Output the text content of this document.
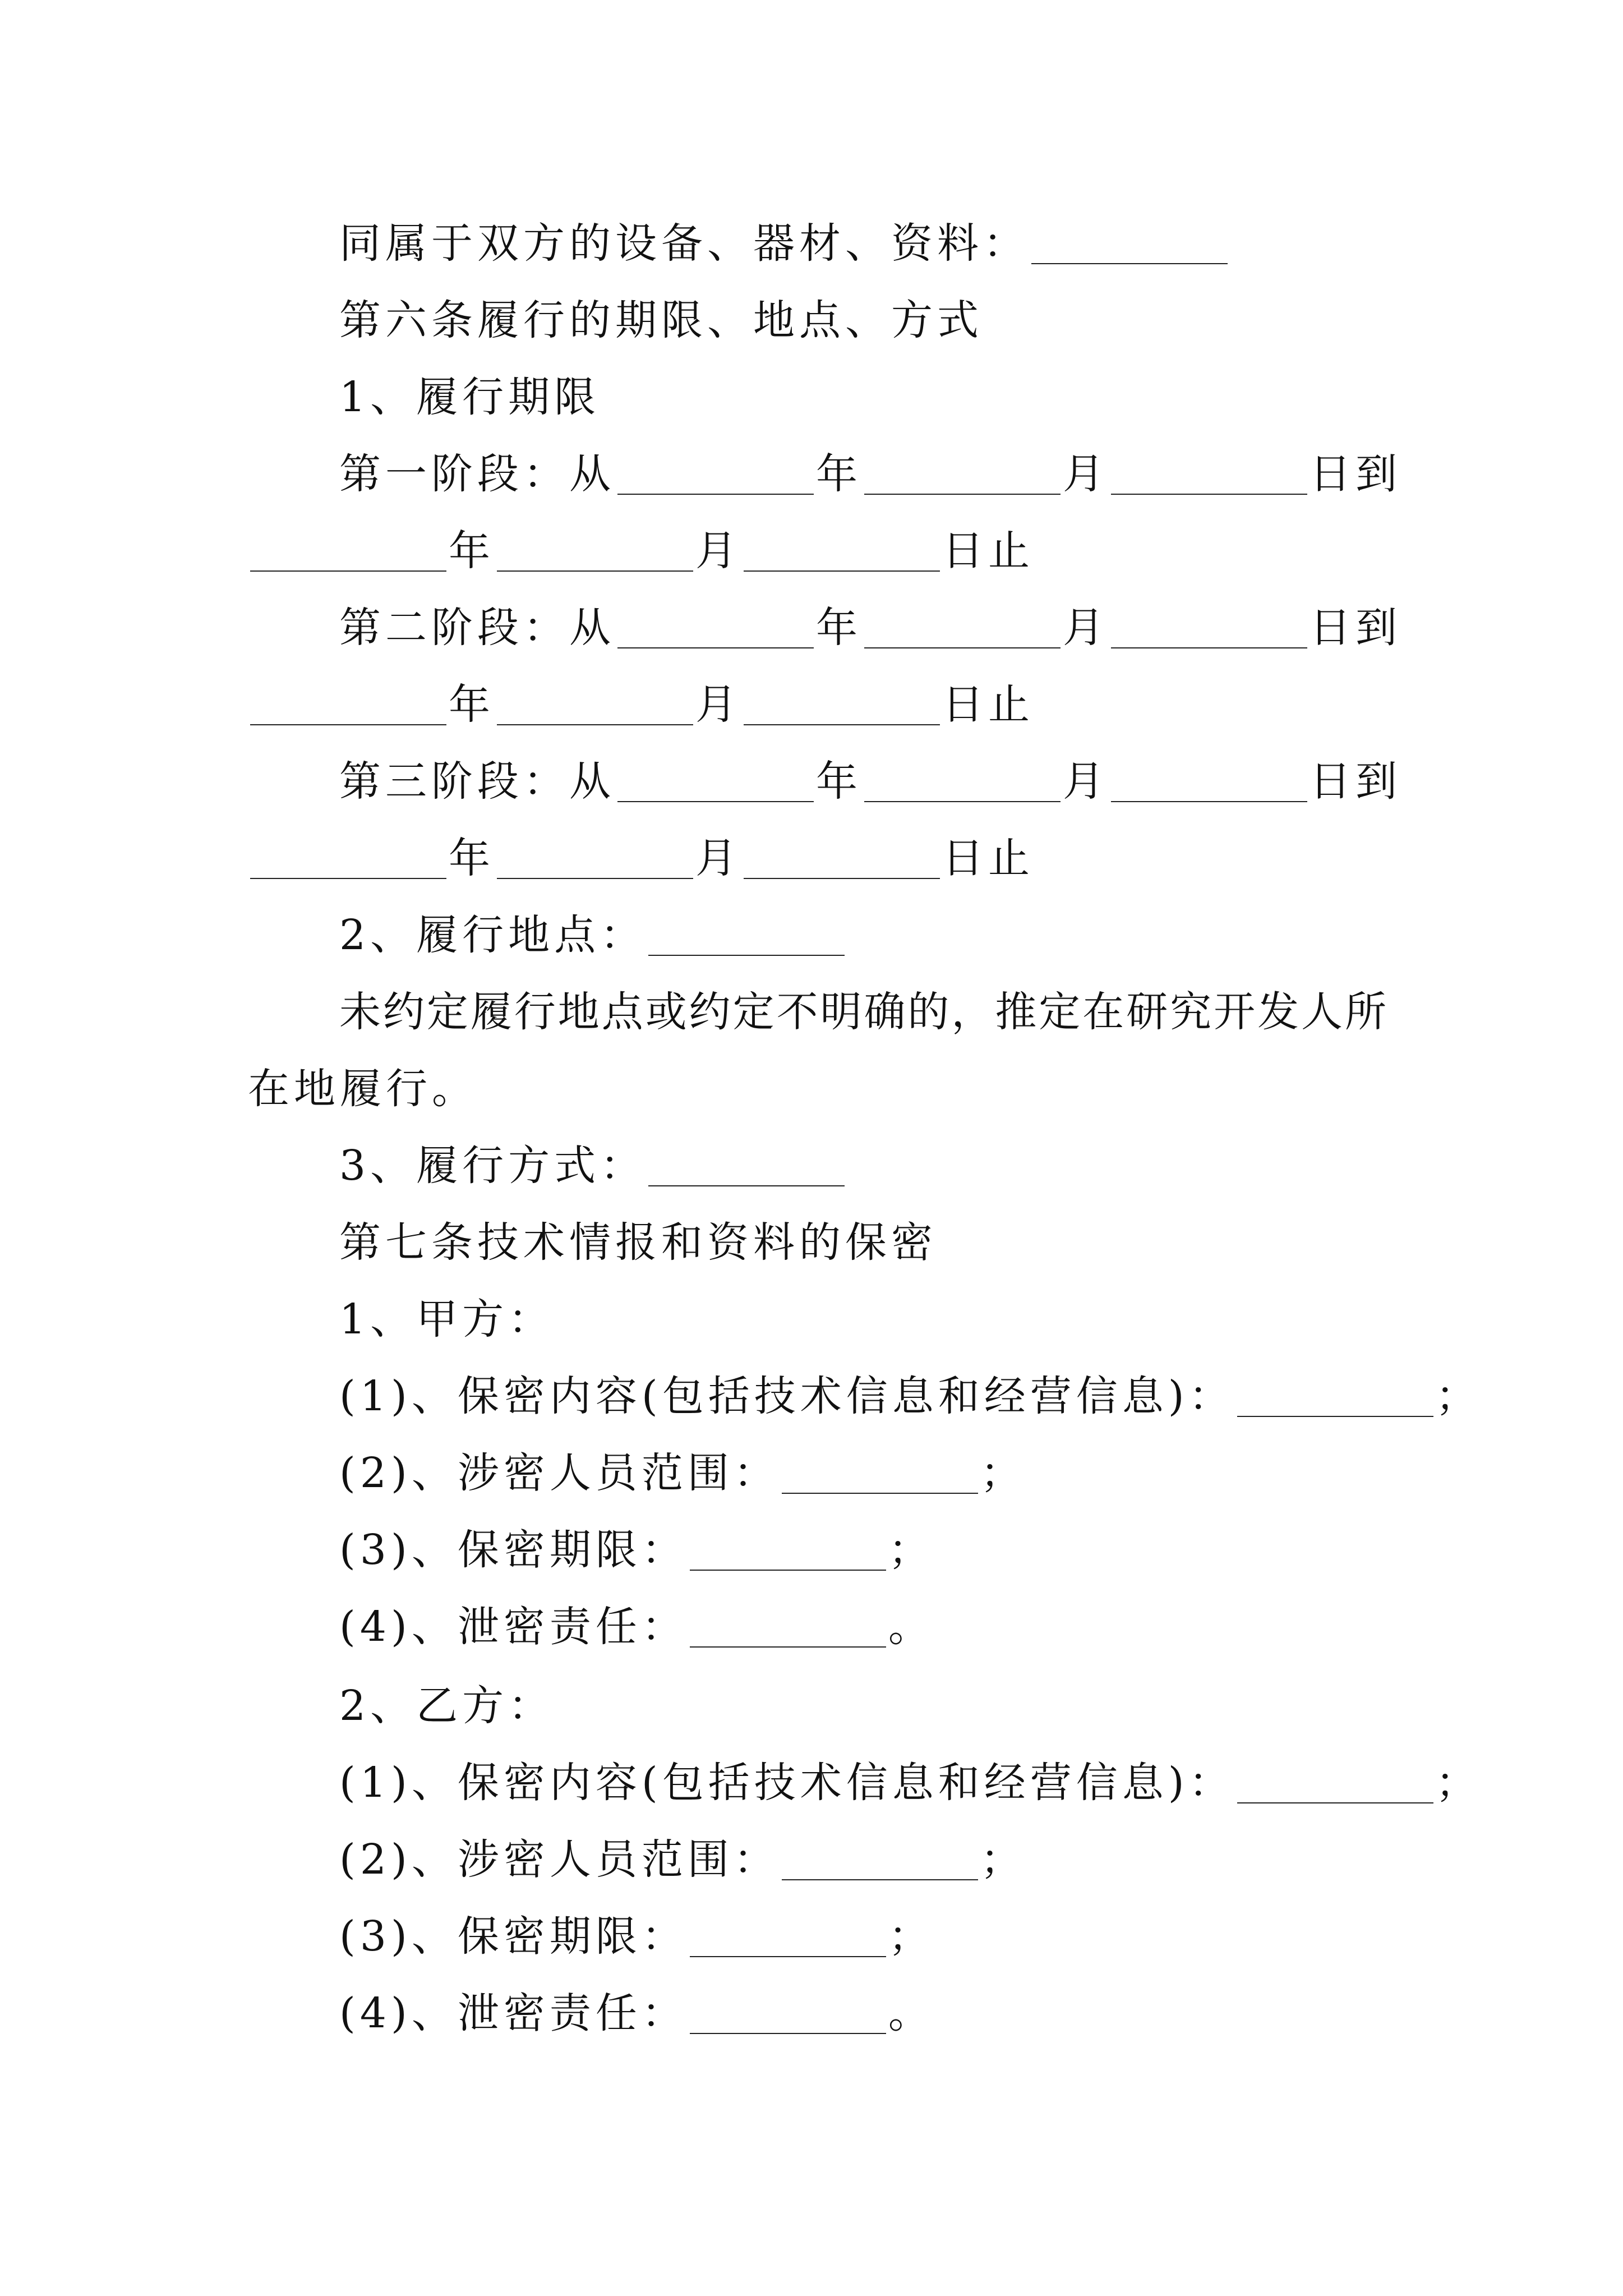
同属于双方的设备、器材、资料：
第六条履行的期限、地点、方式
1、履行期限
第一阶段：从	年	月	日到
年	月	日止
第二阶段：从	年	月	日到
年	月	日止
第三阶段：从	年	月	日到
年	月	日止
2、履行地点：
未约定履行地点或约定不明确的，推定在研究开发人所
在地履行。
3、履行方式：
第七条技术情报和资料的保密
1、甲方：
(1)、保密内容(包括技术信息和经营信息)：	；
(2)、涉密人员范围：	；
(3)、保密期限：	；
(4)、泄密责任：	。
2、乙方：
(1)、保密内容(包括技术信息和经营信息)：	；
(2)、涉密人员范围：	；
(3)、保密期限：	；
(4)、泄密责任：	。
